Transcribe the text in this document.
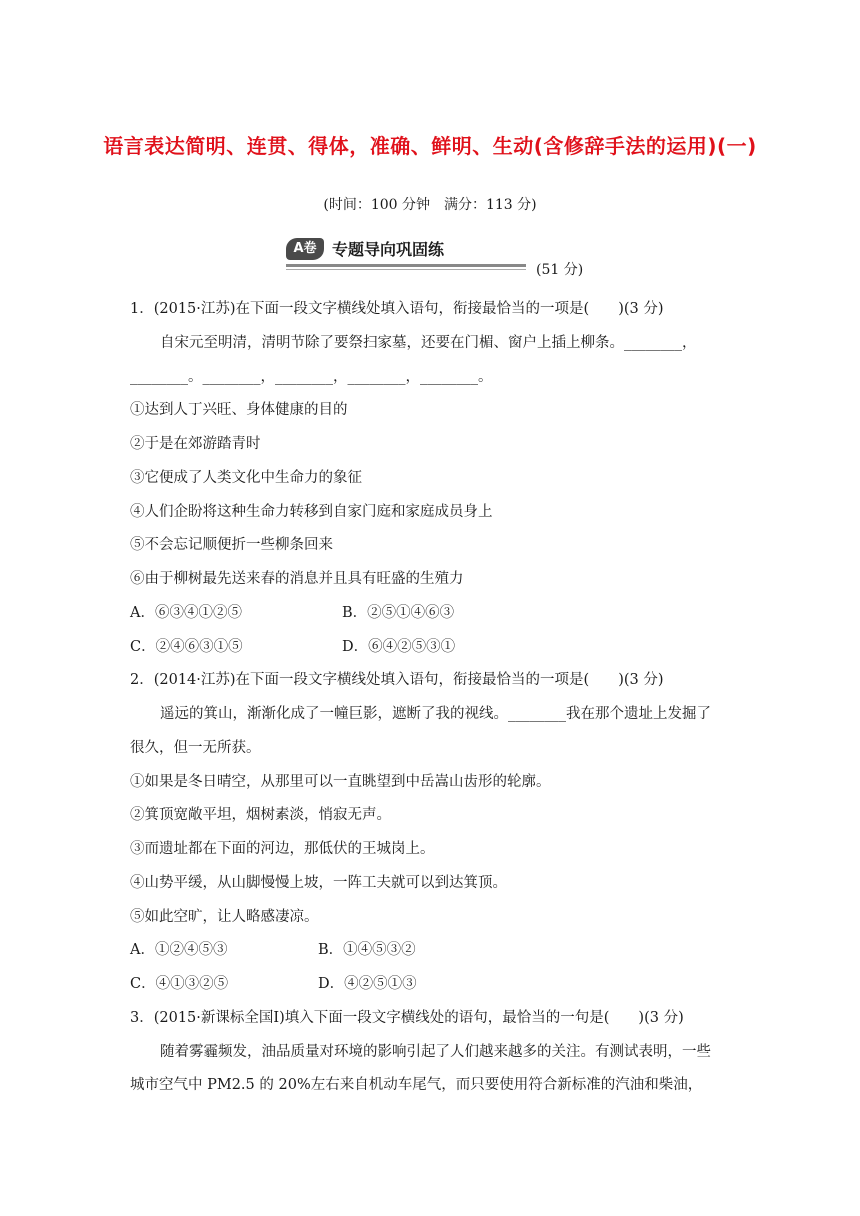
语言表达简明、连贯、得体，准确、鲜明、生动(含修辞手法的运用)(一)
(时间：100 分钟　满分：113 分)
A卷 专题导向巩固练
(51 分)
1．(2015·江苏)在下面一段文字横线处填入语句，衔接最恰当的一项是(　　)(3 分)
自宋元至明清，清明节除了要祭扫家墓，还要在门楣、窗户上插上柳条。________，
________。________，________，________，________。
①达到人丁兴旺、身体健康的目的
②于是在郊游踏青时
③它便成了人类文化中生命力的象征
④人们企盼将这种生命力转移到自家门庭和家庭成员身上
⑤不会忘记顺便折一些柳条回来
⑥由于柳树最先送来春的消息并且具有旺盛的生殖力
A．⑥③④①②⑤	B．②⑤①④⑥③
C．②④⑥③①⑤	D．⑥④②⑤③①
2．(2014·江苏)在下面一段文字横线处填入语句，衔接最恰当的一项是(　　)(3 分)
遥远的箕山，渐渐化成了一幢巨影，遮断了我的视线。________我在那个遗址上发掘了
很久，但一无所获。
①如果是冬日晴空，从那里可以一直眺望到中岳嵩山齿形的轮廓。
②箕顶宽敞平坦，烟树素淡，悄寂无声。
③而遗址都在下面的河边，那低伏的王城岗上。
④山势平缓，从山脚慢慢上坡，一阵工夫就可以到达箕顶。
⑤如此空旷，让人略感凄凉。
A．①②④⑤③	B．①④⑤③②
C．④①③②⑤	D．④②⑤①③
3．(2015·新课标全国Ⅰ)填入下面一段文字横线处的语句，最恰当的一句是(　　)(3 分)
随着雾霾频发，油品质量对环境的影响引起了人们越来越多的关注。有测试表明，一些
城市空气中 PM2.5 的 20%左右来自机动车尾气，而只要使用符合新标准的汽油和柴油，
